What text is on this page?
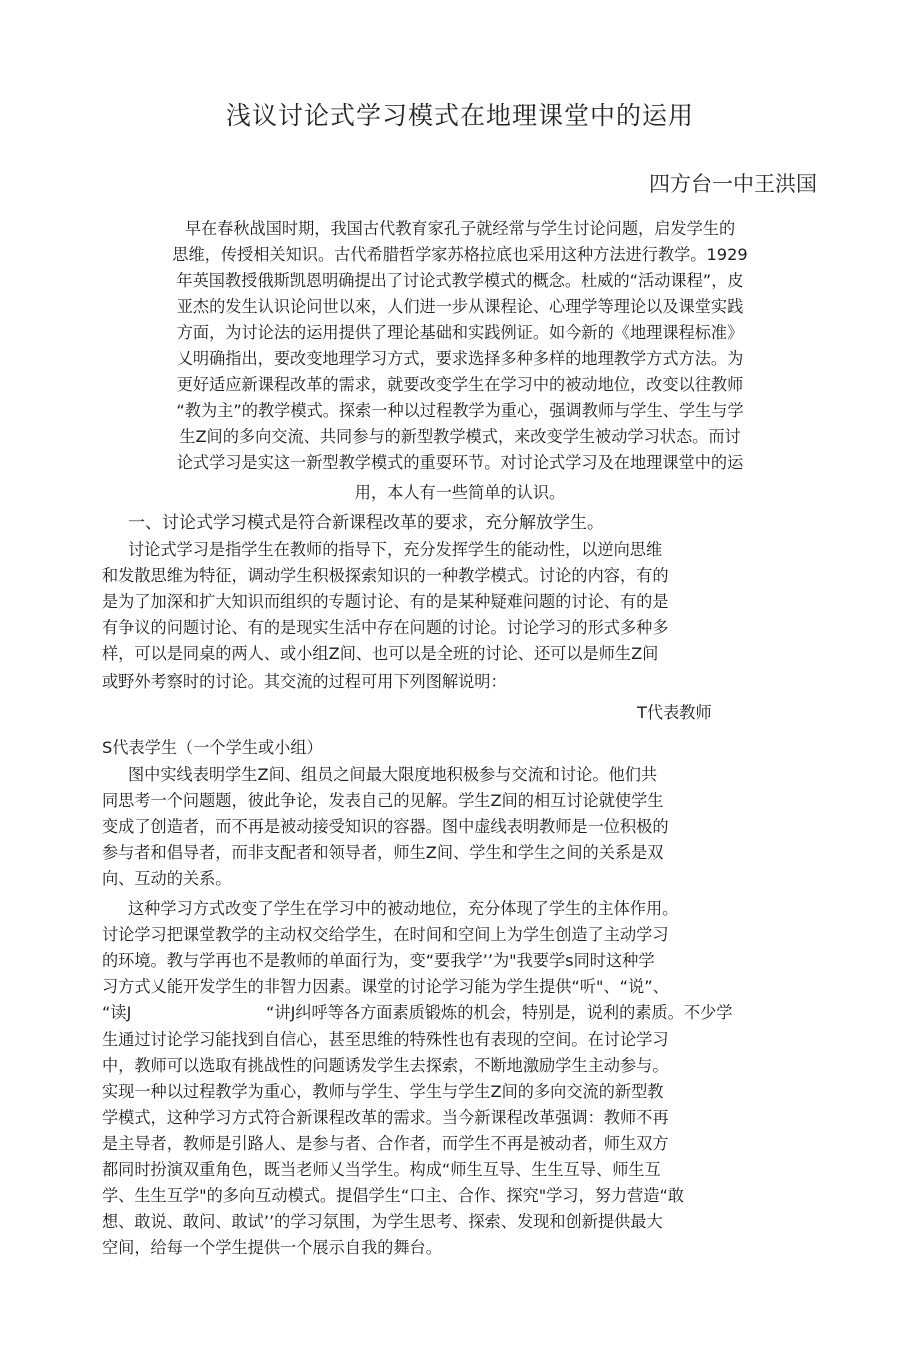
浅议讨论式学习模式在地理课堂中的运用
四方台一中王洪国
早在春秋战国时期，我国古代教育家孔子就经常与学生讨论问题，启发学生的
思维，传授相关知识。古代希腊哲学家苏格拉底也采用这种方法进行教学。1929
年英国教授俄斯凯恩明确提出了讨论式教学模式的概念。杜威的“活动课程”，皮
亚杰的发生认识论问世以來，人们进一步从课程论、心理学等理论以及课堂实践
方面，为讨论法的运用提供了理论基础和实践例证。如今新的《地理课程标准》
乂明确指出，要改变地理学习方式，要求选择多种多样的地理教学方式方法。为
更好适应新课程改革的需求，就要改变学生在学习中的被动地位，改变以往教师
“教为主”的教学模式。探索一种以过程教学为重心，强调教师与学生、学生与学
生Z间的多向交流、共同参与的新型教学模式，来改变学生被动学习状态。而讨
论式学习是实这一新型教学模式的重耍环节。对讨论式学习及在地理课堂中的运
用，本人有一些简单的认识。
一、讨论式学习模式是符合新课程改革的要求，充分解放学生。
讨论式学习是指学生在教师的指导下，充分发挥学生的能动性，以逆向思维
和发散思维为特征，调动学生积极探索知识的一种教学模式。讨论的内容，有的
是为了加深和扩大知识而组织的专题讨论、有的是某种疑难问题的讨论、有的是
有争议的问题讨论、有的是现实生活中存在问题的讨论。讨论学习的形式多种多
样，可以是同桌的两人、或小组Z间、也可以是全班的讨论、还可以是师生Z间
或野外考察时的讨论。其交流的过程可用下列图解说明：
T代表教师
S代表学生（一个学生或小组）
图中实线表明学生Z间、组员之间最大限度地积极参与交流和讨论。他们共
同思考一个问题题，彼此争论，发表自己的见解。学生Z间的相互讨论就使学生
变成了创造者，而不再是被动接受知识的容器。图中虚线表明教师是一位积极的
参与者和倡导者，而非支配者和领导者，师生Z间、学生和学生之间的关系是双
向、互动的关系。
这种学习方式改变了学生在学习中的被动地位，充分体现了学生的主体作用。
讨论学习把课堂教学的主动权交给学生，在时间和空间上为学生创造了主动学习
的环境。教与学再也不是教师的单面行为，变“要我学’’为"我要学s同时这种学
习方式乂能开发学生的非智力因素。课堂的讨论学习能为学生提供“听"、“说”、
“读J	“讲J纠呼等各方面素质锻炼的机会，特别是，说利的素质。不少学
生通过讨论学习能找到自信心，甚至思维的特殊性也有表现的空间。在讨论学习
中，教师可以选取有挑战性的问题诱发学生去探索，不断地激励学生主动参与。
实现一种以过程教学为重心，教师与学生、学生与学生Z间的多向交流的新型教
学模式，这种学习方式符合新课程改革的需求。当今新课程改革强调：教师不再
是主导者，教师是引路人、是参与者、合作者，而学生不再是被动者，师生双方
都同时扮演双重角色，既当老师乂当学生。构成“师生互导、生生互导、师生互
学、生生互学"的多向互动模式。提倡学生“口主、合作、探究"学习，努力营造“敢
想、敢说、敢问、敢试’’的学习氛围，为学生思考、探索、发现和创新提供最大
空间，给每一个学生提供一个展示自我的舞台。
